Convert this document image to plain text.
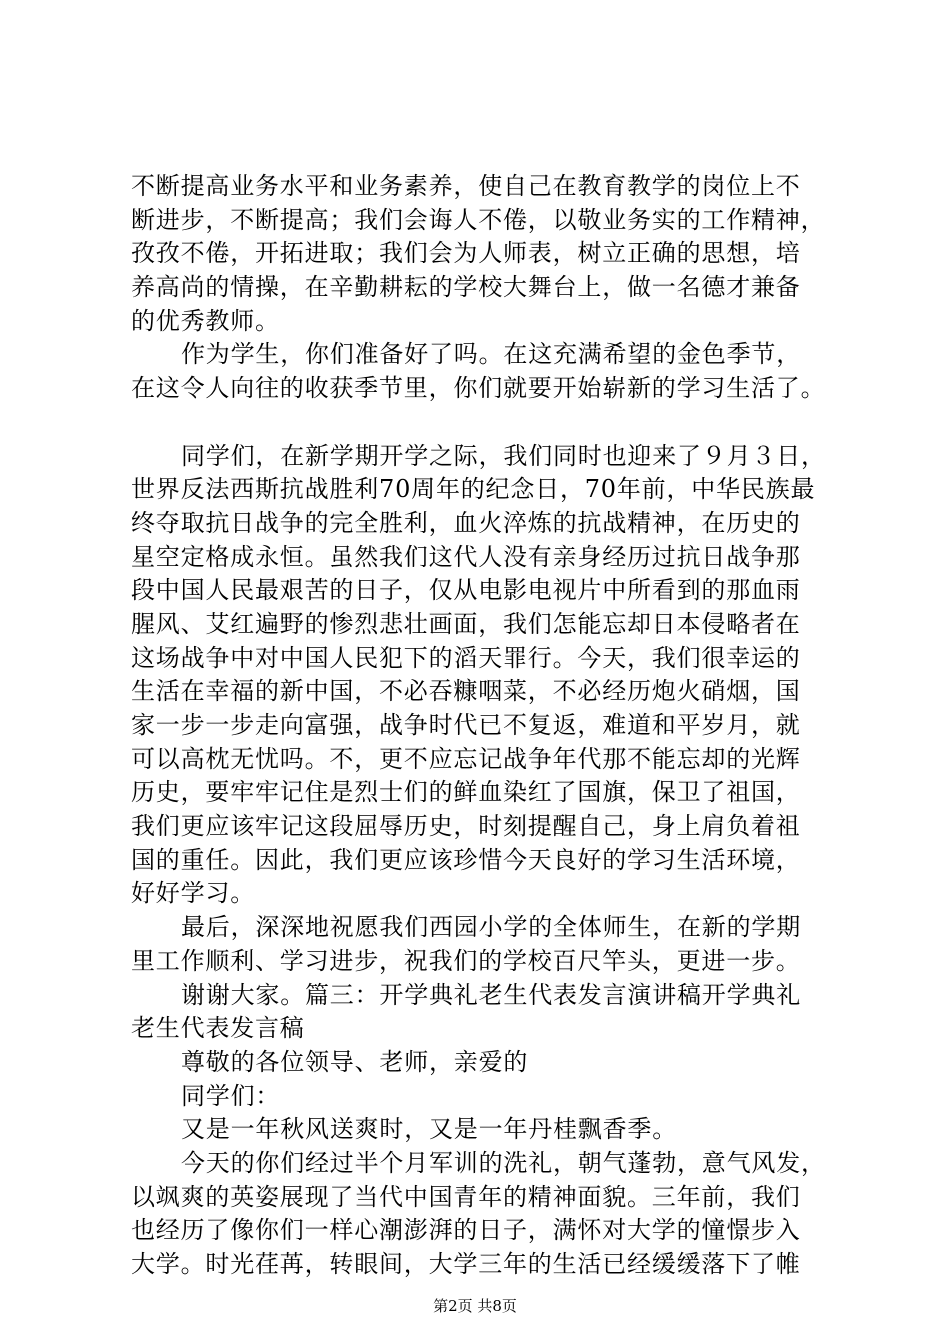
不断提高业务水平和业务素养，使自己在教育教学的岗位上不
断进步，不断提高；我们会诲人不倦，以敬业务实的工作精神，
孜孜不倦，开拓进取；我们会为人师表，树立正确的思想，培
养高尚的情操，在辛勤耕耘的学校大舞台上，做一名德才兼备
的优秀教师。
作为学生，你们准备好了吗。在这充满希望的金色季节，
在这令人向往的收获季节里，你们就要开始崭新的学习生活了。
同学们，在新学期开学之际，我们同时也迎来了９月３日，
世界反法西斯抗战胜利70周年的纪念日，70年前，中华民族最
终夺取抗日战争的完全胜利，血火淬炼的抗战精神，在历史的
星空定格成永恒。虽然我们这代人没有亲身经历过抗日战争那
段中国人民最艰苦的日子，仅从电影电视片中所看到的那血雨
腥风、艾红遍野的惨烈悲壮画面，我们怎能忘却日本侵略者在
这场战争中对中国人民犯下的滔天罪行。今天，我们很幸运的
生活在幸福的新中国，不必吞糠咽菜，不必经历炮火硝烟，国
家一步一步走向富强，战争时代已不复返，难道和平岁月，就
可以高枕无忧吗。不，更不应忘记战争年代那不能忘却的光辉
历史，要牢牢记住是烈士们的鲜血染红了国旗，保卫了祖国，
我们更应该牢记这段屈辱历史，时刻提醒自己，身上肩负着祖
国的重任。因此，我们更应该珍惜今天良好的学习生活环境，
好好学习。
最后，深深地祝愿我们西园小学的全体师生，在新的学期
里工作顺利、学习进步，祝我们的学校百尺竿头，更进一步。
谢谢大家。篇三：开学典礼老生代表发言演讲稿开学典礼
老生代表发言稿
尊敬的各位领导、老师，亲爱的
同学们：
又是一年秋风送爽时，又是一年丹桂飘香季。
今天的你们经过半个月军训的洗礼，朝气蓬勃，意气风发，
以飒爽的英姿展现了当代中国青年的精神面貌。三年前，我们
也经历了像你们一样心潮澎湃的日子，满怀对大学的憧憬步入
大学。时光荏苒，转眼间，大学三年的生活已经缓缓落下了帷
第2页 共8页
